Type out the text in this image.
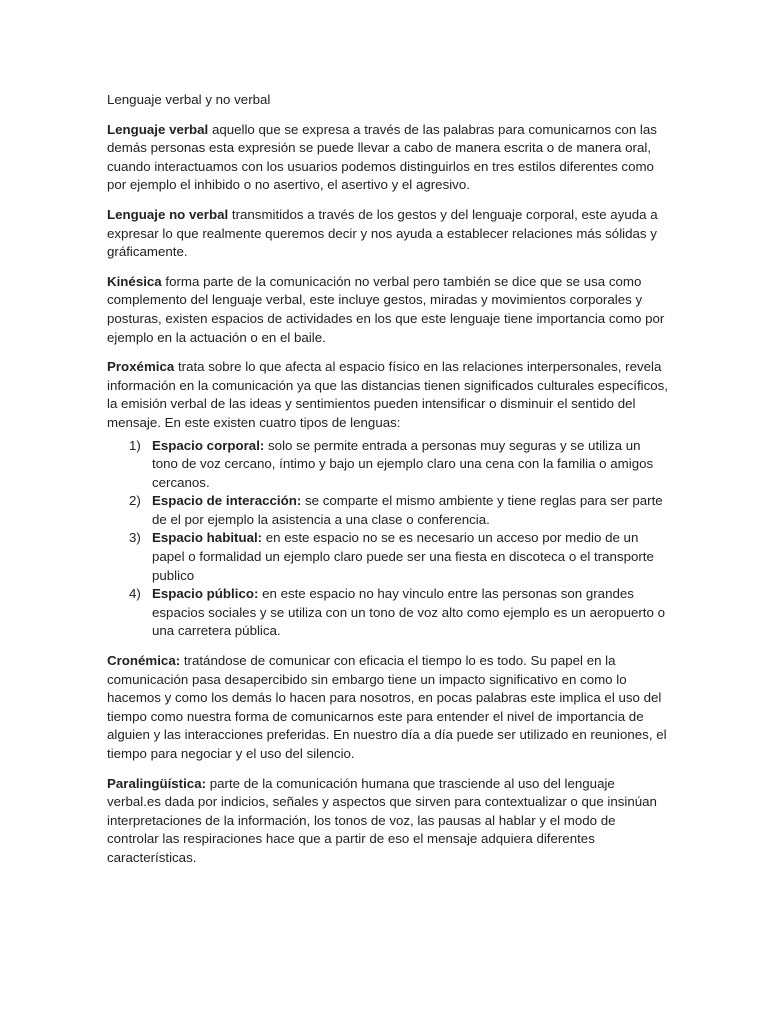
Lenguaje verbal y no verbal

Lenguaje verbal aquello que se expresa a través de las palabras para comunicarnos con las demás personas esta expresión se puede llevar a cabo de manera escrita o de manera oral, cuando interactuamos con los usuarios podemos distinguirlos en tres estilos diferentes como por ejemplo el inhibido o no asertivo, el asertivo y el agresivo.

Lenguaje no verbal transmitidos a través de los gestos y del lenguaje corporal, este ayuda a expresar lo que realmente queremos decir y nos ayuda a establecer relaciones más sólidas y gráficamente.

Kinésica forma parte de la comunicación no verbal pero también se dice que se usa como complemento del lenguaje verbal, este incluye gestos, miradas y movimientos corporales y posturas, existen espacios de actividades en los que este lenguaje tiene importancia como por ejemplo en la actuación o en el baile.

Proxémica trata sobre lo que afecta al espacio físico en las relaciones interpersonales, revela información en la comunicación ya que las distancias tienen significados culturales específicos, la emisión verbal de las ideas y sentimientos pueden intensificar o disminuir el sentido del mensaje. En este existen cuatro tipos de lenguas:

1) Espacio corporal: solo se permite entrada a personas muy seguras y se utiliza un tono de voz cercano, íntimo y bajo un ejemplo claro una cena con la familia o amigos cercanos.
2) Espacio de interacción: se comparte el mismo ambiente y tiene reglas para ser parte de el por ejemplo la asistencia a una clase o conferencia.
3) Espacio habitual: en este espacio no se es necesario un acceso por medio de un papel o formalidad un ejemplo claro puede ser una fiesta en discoteca o el transporte publico
4) Espacio público: en este espacio no hay vinculo entre las personas son grandes espacios sociales y se utiliza con un tono de voz alto como ejemplo es un aeropuerto o una carretera pública.

Cronémica: tratándose de comunicar con eficacia el tiempo lo es todo. Su papel en la comunicación pasa desapercibido sin embargo tiene un impacto significativo en como lo hacemos y como los demás lo hacen para nosotros, en pocas palabras este implica el uso del tiempo como nuestra forma de comunicarnos este para entender el nivel de importancia de alguien y las interacciones preferidas. En nuestro día a día puede ser utilizado en reuniones, el tiempo para negociar y el uso del silencio.

Paralingüística: parte de la comunicación humana que trasciende al uso del lenguaje verbal.es dada por indicios, señales y aspectos que sirven para contextualizar o que insinúan interpretaciones de la información, los tonos de voz, las pausas al hablar y el modo de controlar las respiraciones hace que a partir de eso el mensaje adquiera diferentes características.
